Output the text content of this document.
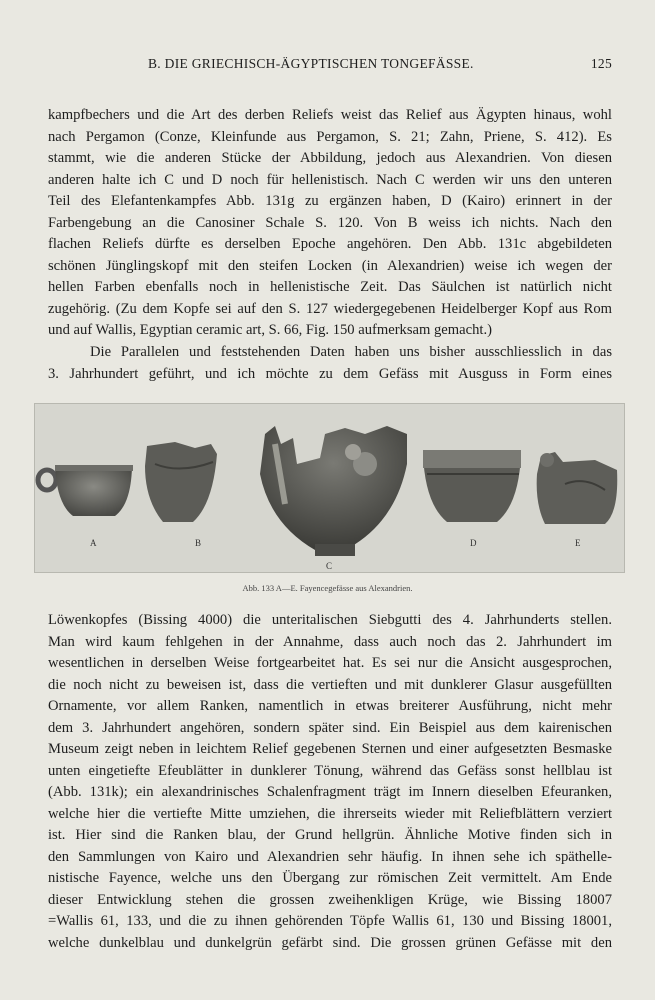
B. DIE GRIECHISCH-ÄGYPTISCHEN TONGEFÄSSE.	125
kampfbechers und die Art des derben Reliefs weist das Relief aus Ägypten hinaus, wohl
nach Pergamon (Conze, Kleinfunde aus Pergamon, S. 21; Zahn, Priene, S. 412). Es
stammt, wie die anderen Stücke der Abbildung, jedoch aus Alexandrien. Von diesen
anderen halte ich C und D noch für hellenistisch. Nach C werden wir uns den unteren
Teil des Elefantenkampfes Abb. 131g zu ergänzen haben, D (Kairo) erinnert in der
Farbengebung an die Canosiner Schale S. 120. Von B weiss ich nichts. Nach den
flachen Reliefs dürfte es derselben Epoche angehören. Den Abb. 131c abgebildeten
schönen Jünglingskopf mit den steifen Locken (in Alexandrien) weise ich wegen der
hellen Farben ebenfalls noch in hellenistische Zeit. Das Säulchen ist natürlich nicht
zugehörig. (Zu dem Kopfe sei auf den S. 127 wiedergegebenen Heidelberger Kopf aus Rom
und auf Wallis, Egyptian ceramic art, S. 66, Fig. 150 aufmerksam gemacht.)
Die Parallelen und feststehenden Daten haben uns bisher ausschliesslich in das
3. Jahrhundert geführt, und ich möchte zu dem Gefäss mit Ausguss in Form eines
A	B
C
D	E
Abb. 133 A—E. Fayencegefässe aus Alexandrien.
Löwenkopfes (Bissing 4000) die unteritalischen Siebgutti des 4. Jahrhunderts stellen.
Man wird kaum fehlgehen in der Annahme, dass auch noch das 2. Jahrhundert im
wesentlichen in derselben Weise fortgearbeitet hat. Es sei nur die Ansicht ausgesprochen,
die noch nicht zu beweisen ist, dass die vertieften und mit dunklerer Glasur ausgefüllten
Ornamente, vor allem Ranken, namentlich in etwas breiterer Ausführung, nicht mehr
dem 3. Jahrhundert angehören, sondern später sind. Ein Beispiel aus dem kairenischen
Museum zeigt neben in leichtem Relief gegebenen Sternen und einer aufgesetzten Besmaske
unten eingetiefte Efeublätter in dunklerer Tönung, während das Gefäss sonst hellblau ist
(Abb. 131k); ein alexandrinisches Schalenfragment trägt im Innern dieselben Efeuranken,
welche hier die vertiefte Mitte umziehen, die ihrerseits wieder mit Reliefblättern verziert
ist. Hier sind die Ranken blau, der Grund hellgrün. Ähnliche Motive finden sich in
den Sammlungen von Kairo und Alexandrien sehr häufig. In ihnen sehe ich späthelle-
nistische Fayence, welche uns den Übergang zur römischen Zeit vermittelt. Am Ende
dieser Entwicklung stehen die grossen zweihenkligen Krüge, wie Bissing 18007
=Wallis 61, 133, und die zu ihnen gehörenden Töpfe Wallis 61, 130 und Bissing 18001,
welche dunkelblau und dunkelgrün gefärbt sind. Die grossen grünen Gefässe mit den
